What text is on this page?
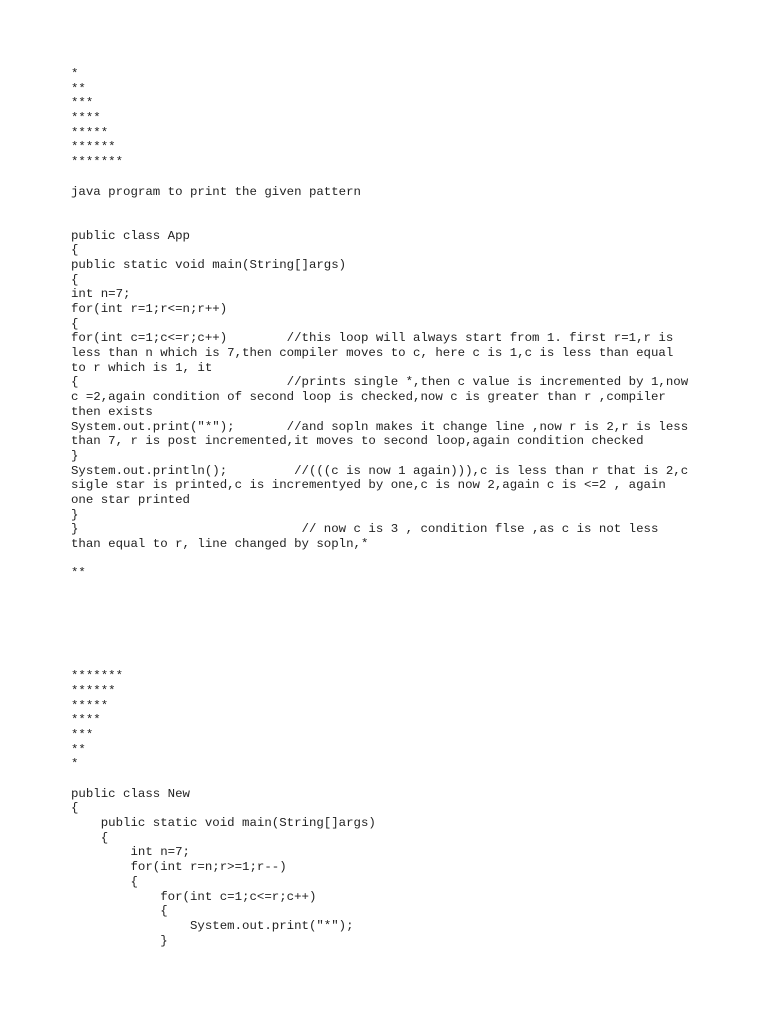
*
**
***
****
*****
******
*******
java program to print the given pattern
public class App
{
public static void main(String[]args)
{
int n=7;
for(int r=1;r<=n;r++)
{
for(int c=1;c<=r;c++)        //this loop will always start from 1. first r=1,r is
less than n which is 7,then compiler moves to c, here c is 1,c is less than equal
to r which is 1, it
{                            //prints single *,then c value is incremented by 1,now
c =2,again condition of second loop is checked,now c is greater than r ,compiler
then exists
System.out.print("*");       //and sopln makes it change line ,now r is 2,r is less
than 7, r is post incremented,it moves to second loop,again condition checked
}
System.out.println();         //(((c is now 1 again))),c is less than r that is 2,c
sigle star is printed,c is incrementyed by one,c is now 2,again c is <=2 , again
one star printed
}
}                              // now c is 3 , condition flse ,as c is not less
than equal to r, line changed by sopln,*
**
*******
******
*****
****
***
**
*
public class New
{
public static void main(String[]args)
{
int n=7;
for(int r=n;r>=1;r--)
{
for(int c=1;c<=r;c++)
{
System.out.print("*");
}
